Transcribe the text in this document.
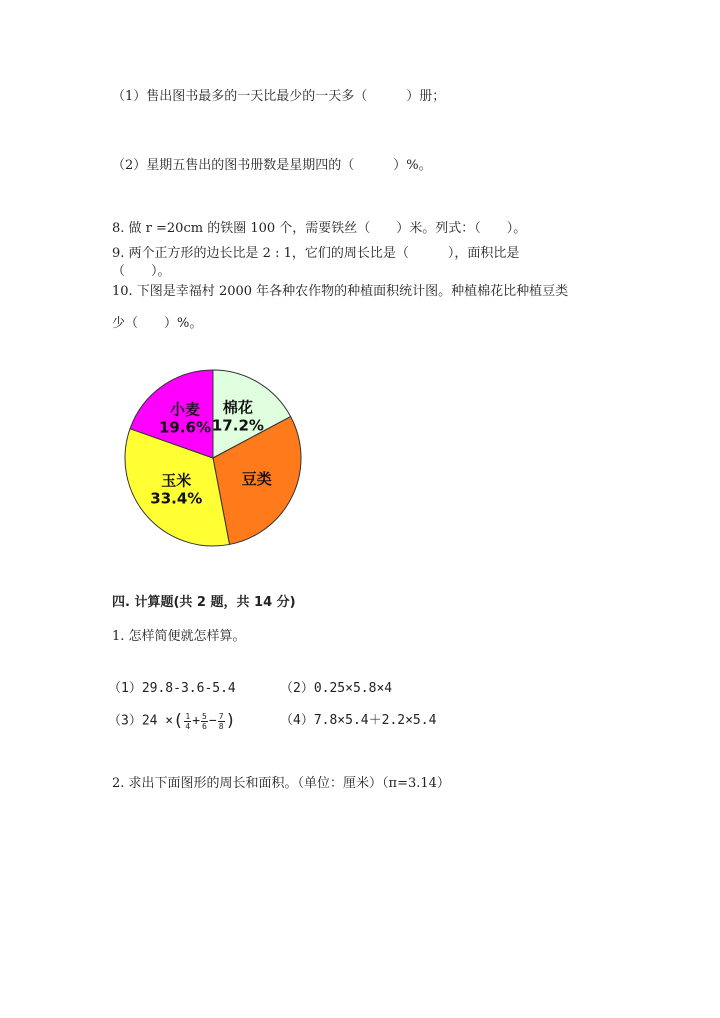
（1）售出图书最多的一天比最少的一天多（　　　）册；
（2）星期五售出的图书册数是星期四的（　　　）%。
8. 做 r =20cm 的铁圈 100 个，需要铁丝（　　）米。列式：（　　）。
9. 两个正方形的边长比是 2 : 1，它们的周长比是（　　　），面积比是
（　　）。
10. 下图是幸福村 2000 年各种农作物的种植面积统计图。种植棉花比种植豆类
少（　　）%。
棉花
17.2%
豆类
玉米
33.4%
小麦
19.6%
四. 计算题(共 2 题，共 14 分)
1. 怎样简便就怎样算。
（1）29.8-3.6-5.4	（2）0.25×5.8×4
（3）24 ×( $\frac{1}{4} + \frac{5}{6} - \frac{7}{8}$ )	（4）7.8×5.4＋2.2×5.4
2. 求出下面图形的周长和面积。（单位：厘米）（π=3.14）
